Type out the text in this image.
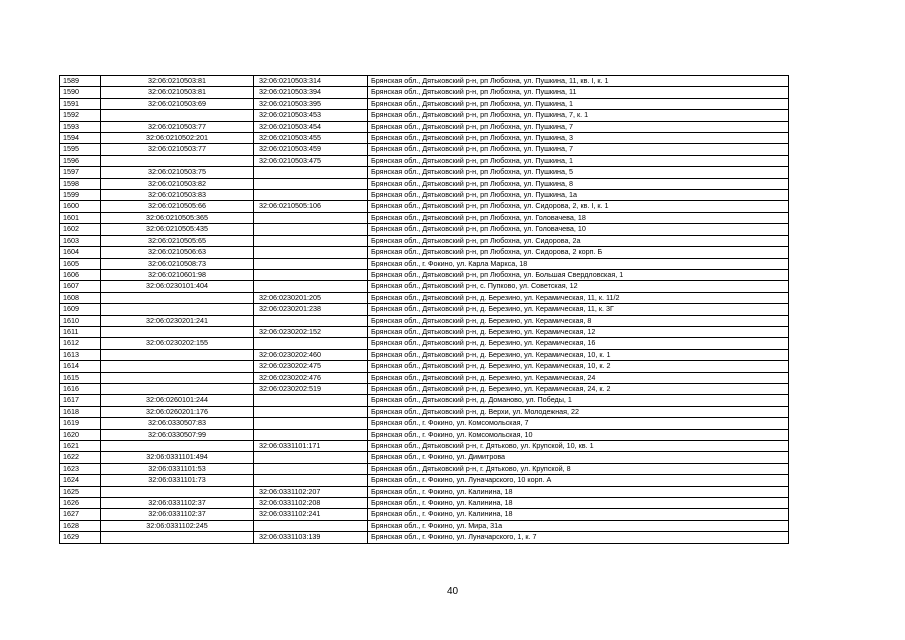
1589	32:06:0210503:81	32:06:0210503:314	Брянская обл., Дятьковский р-н, рп Любохна, ул. Пушкина, 11, кв. I, к. 1
1590	32:06:0210503:81	32:06:0210503:394	Брянская обл., Дятьковский р-н, рп Любохна, ул. Пушкина, 11
1591	32:06:0210503:69	32:06:0210503:395	Брянская обл., Дятьковский р-н, рп Любохна, ул. Пушкина, 1
1592		32:06:0210503:453	Брянская обл., Дятьковский р-н, рп Любохна, ул. Пушкина, 7, к. 1
1593	32:06:0210503:77	32:06:0210503:454	Брянская обл., Дятьковский р-н, рп Любохна, ул. Пушкина, 7
1594	32:06:0210502:201	32:06:0210503:455	Брянская обл., Дятьковский р-н, рп Любохна, ул. Пушкина, 3
1595	32:06:0210503:77	32:06:0210503:459	Брянская обл., Дятьковский р-н, рп Любохна, ул. Пушкина, 7
1596		32:06:0210503:475	Брянская обл., Дятьковский р-н, рп Любохна, ул. Пушкина, 1
1597	32:06:0210503:75		Брянская обл., Дятьковский р-н, рп Любохна, ул. Пушкина, 5
1598	32:06:0210503:82		Брянская обл., Дятьковский р-н, рп Любохна, ул. Пушкина, 8
1599	32:06:0210503:83		Брянская обл., Дятьковский р-н, рп Любохна, ул. Пушкина, 1а
1600	32:06:0210505:66	32:06:0210505:106	Брянская обл., Дятьковский р-н, рп Любохна, ул. Сидорова, 2, кв. I, к. 1
1601	32:06:0210505:365		Брянская обл., Дятьковский р-н, рп Любохна, ул. Головачева, 18
1602	32:06:0210505:435		Брянская обл., Дятьковский р-н, рп Любохна, ул. Головачева, 10
1603	32:06:0210505:65		Брянская обл., Дятьковский р-н, рп Любохна, ул. Сидорова, 2а
1604	32:06:0210506:63		Брянская обл., Дятьковский р-н, рп Любохна, ул. Сидорова, 2 корп. Б
1605	32:06:0210508:73		Брянская обл., г. Фокино, ул. Карла Маркса, 18
1606	32:06:0210601:98		Брянская обл., Дятьковский р-н, рп Любохна, ул. Большая Свердловская, 1
1607	32:06:0230101:404		Брянская обл., Дятьковский р-н, с. Пупково, ул. Советская, 12
1608		32:06:0230201:205	Брянская обл., Дятьковский р-н, д. Березино, ул. Керамическая, 11, к. 11/2
1609		32:06:0230201:238	Брянская обл., Дятьковский р-н, д. Березино, ул. Керамическая, 11, к. 3Г
1610	32:06:0230201:241		Брянская обл., Дятьковский р-н, д. Березино, ул. Керамическая, 8
1611		32:06:0230202:152	Брянская обл., Дятьковский р-н, д. Березино, ул. Керамическая, 12
1612	32:06:0230202:155		Брянская обл., Дятьковский р-н, д. Березино, ул. Керамическая, 16
1613		32:06:0230202:460	Брянская обл., Дятьковский р-н, д. Березино, ул. Керамическая, 10, к. 1
1614		32:06:0230202:475	Брянская обл., Дятьковский р-н, д. Березино, ул. Керамическая, 10, к. 2
1615		32:06:0230202:476	Брянская обл., Дятьковский р-н, д. Березино, ул. Керамическая, 24
1616		32:06:0230202:519	Брянская обл., Дятьковский р-н, д. Березино, ул. Керамическая, 24, к. 2
1617	32:06:0260101:244		Брянская обл., Дятьковский р-н, д. Доманово, ул. Победы, 1
1618	32:06:0260201:176		Брянская обл., Дятьковский р-н, д. Верхи, ул. Молодежная, 22
1619	32:06:0330507:83		Брянская обл., г. Фокино, ул. Комсомольская, 7
1620	32:06:0330507:99		Брянская обл., г. Фокино, ул. Комсомольская, 10
1621		32:06:0331101:171	Брянская обл., Дятьковский р-н, г. Дятьково, ул. Крупской, 10, кв. 1
1622	32:06:0331101:494		Брянская обл., г. Фокино, ул. Димитрова
1623	32:06:0331101:53		Брянская обл., Дятьковский р-н, г. Дятьково, ул. Крупской, 8
1624	32:06:0331101:73		Брянская обл., г. Фокино, ул. Луначарского, 10 корп. А
1625		32:06:0331102:207	Брянская обл., г. Фокино, ул. Калинина, 18
1626	32:06:0331102:37	32:06:0331102:208	Брянская обл., г. Фокино, ул. Калинина, 18
1627	32:06:0331102:37	32:06:0331102:241	Брянская обл., г. Фокино, ул. Калинина, 18
1628	32:06:0331102:245		Брянская обл., г. Фокино, ул. Мира, 31а
1629		32:06:0331103:139	Брянская обл., г. Фокино, ул. Луначарского, 1, к. 7
40
